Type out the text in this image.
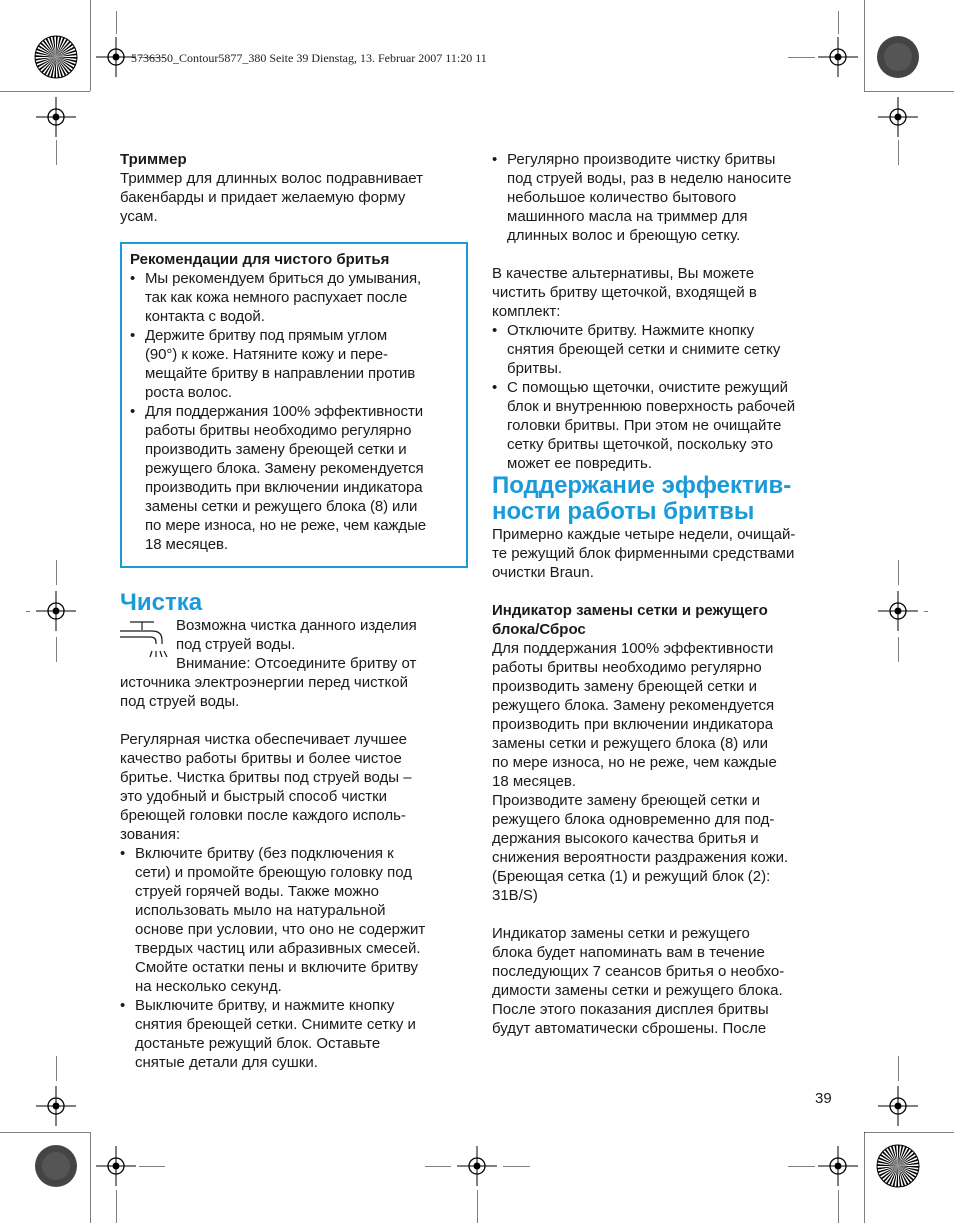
5736350_Contour5877_380 Seite 39 Dienstag, 13. Februar 2007 11:20 11

Триммер

Триммер для длинных волос подравнивает

бакенбарды и придает желаемую форму

усам.

Рекомендации для чистого бритья

• Мы рекомендуем бриться до умывания,

так как кожа немного распухает после

контакта с водой.

• Держите бритву под прямым углом

(90°) к коже. Натяните кожу и пере-

мещайте бритву в направлении против

роста волос.

• Для поддержания 100% эффективности

работы бритвы необходимо регулярно

производить замену бреющей сетки и

режущего блока. Замену рекомендуется

производить при включении индикатора

замены сетки и режущего блока (8) или

по мере износа, но не реже, чем каждые

18 месяцев.

Чистка

Возможна чистка данного изделия

под струей воды.

Внимание: Отсоедините бритву от

источника электроэнергии перед чисткой

под струей воды.

Регулярная чистка обеспечивает лучшее

качество работы бритвы и более чистое

бритье. Чистка бритвы под струей воды –

это удобный и быстрый способ чистки

бреющей головки после каждого исполь-

зования:

• Включите бритву (без подключения к

сети) и промойте бреющую головку под

струей горячей воды. Также можно

использовать мыло на натуральной

основе при условии, что оно не содержит

твердых частиц или абразивных смесей.

Смойте остатки пены и включите бритву

на несколько секунд.

• Выключите бритву, и нажмите кнопку

снятия бреющей сетки. Снимите сетку и

достаньте режущий блок. Оставьте

снятые детали для сушки.

• Регулярно производите чистку бритвы

под струей воды, раз в неделю наносите

небольшое количество бытового

машинного масла на триммер для

длинных волос и бреющую сетку.

В качестве альтернативы, Вы можете

чистить бритву щеточкой, входящей в

комплект:

• Отключите бритву. Нажмите кнопку

снятия бреющей сетки и снимите сетку

бритвы.

• С помощью щеточки, очистите режущий

блок и внутреннюю поверхность рабочей

головки бритвы. При этом не очищайте

сетку бритвы щеточкой, поскольку это

может ее повредить.

Поддержание эффектив-
ности работы бритвы

Примерно каждые четыре недели, очищай-

те режущий блок фирменными средствами

очистки Braun.

Индикатор замены сетки и режущего

блока/Сброс

Для поддержания 100% эффективности

работы бритвы необходимо регулярно

производить замену бреющей сетки и

режущего блока. Замену рекомендуется

производить при включении индикатора

замены сетки и режущего блока (8) или

по мере износа, но не реже, чем каждые

18 месяцев.

Производите замену бреющей сетки и

режущего блока одновременно для под-

держания высокого качества бритья и

снижения вероятности раздражения кожи.

(Бреющая сетка (1) и режущий блок (2):

31B/S)

Индикатор замены сетки и режущего

блока будет напоминать вам в течение

последующих 7 сеансов бритья о необхо-

димости замены сетки и режущего блока.

После этого показания дисплея бритвы

будут автоматически сброшены. После

39
